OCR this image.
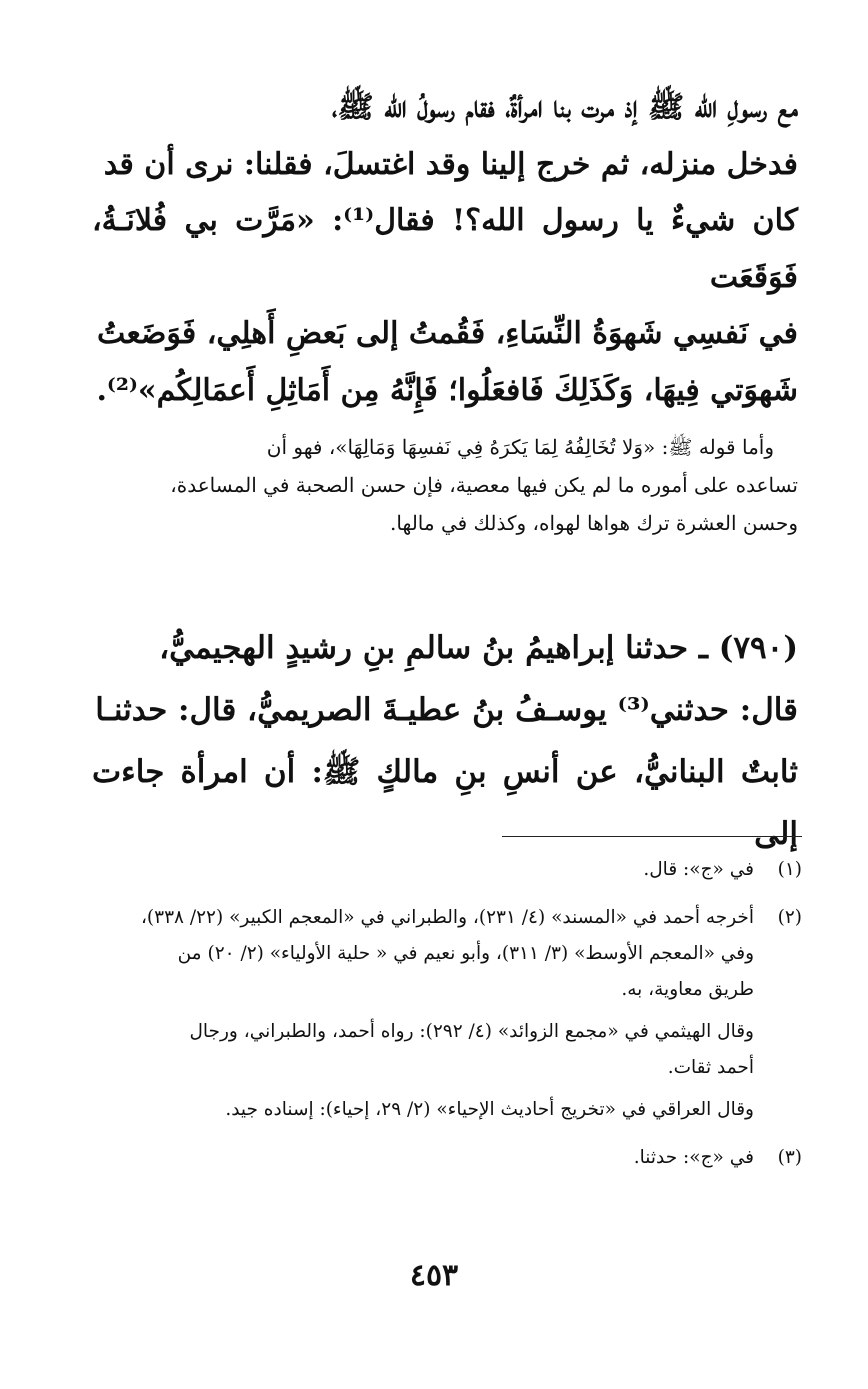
مع رسولِ الله ﷺ إذ مرت بنا امرأةٌ، فقام رسولُ الله ﷺ،
فدخل منزله، ثم خرج إلينا وقد اغتسلَ، فقلنا: نرى أن قد
كان شيءٌ يا رسول الله؟! فقال⁽¹⁾: «مَرَّت بي فُلانَـةُ، فَوَقَعَت
في نَفسِي شَهوَةُ النِّسَاءِ، فَقُمتُ إلى بَعضِ أَهلِي، فَوَضَعتُ
شَهوَتي فِيهَا، وَكَذَلِكَ فَافعَلُوا؛ فَإِنَّهُ مِن أَمَاثِلِ أَعمَالِكُم»⁽²⁾.
وأما قوله ﷺ: «وَلا تُخَالِفُهُ لِمَا يَكرَهُ فِي نَفسِهَا وَمَالِهَا»، فهو أن
تساعده على أموره ما لم يكن فيها معصية، فإن حسن الصحبة في المساعدة،
وحسن العشرة ترك هواها لهواه، وكذلك في مالها.
(٧٩٠) ـ حدثنا إبراهيمُ بنُ سالمِ بنِ رشيدٍ الهجيميُّ،
قال: حدثني⁽³⁾ يوسـفُ بنُ عطيـةَ الصريميُّ، قال: حدثنـا
ثابتٌ البنانيُّ، عن أنسِ بنِ مالكٍ ﷺ: أن امرأة جاءت إلى
(١)
في «ج»: قال.
(٢)
أخرجه أحمد في «المسند» (٤/ ٢٣١)، والطبراني في «المعجم الكبير» (٢٢/ ٣٣٨)،
وفي «المعجم الأوسط» (٣/ ٣١١)، وأبو نعيم في « حلية الأولياء» (٢/ ٢٠) من
طريق معاوية، به.
وقال الهيثمي في «مجمع الزوائد» (٤/ ٢٩٢): رواه أحمد، والطبراني، ورجال
أحمد ثقات.
وقال العراقي في «تخريج أحاديث الإحياء» (٢/ ٢٩، إحياء): إسناده جيد.
(٣)
في «ج»: حدثنا.
٤٥٣
